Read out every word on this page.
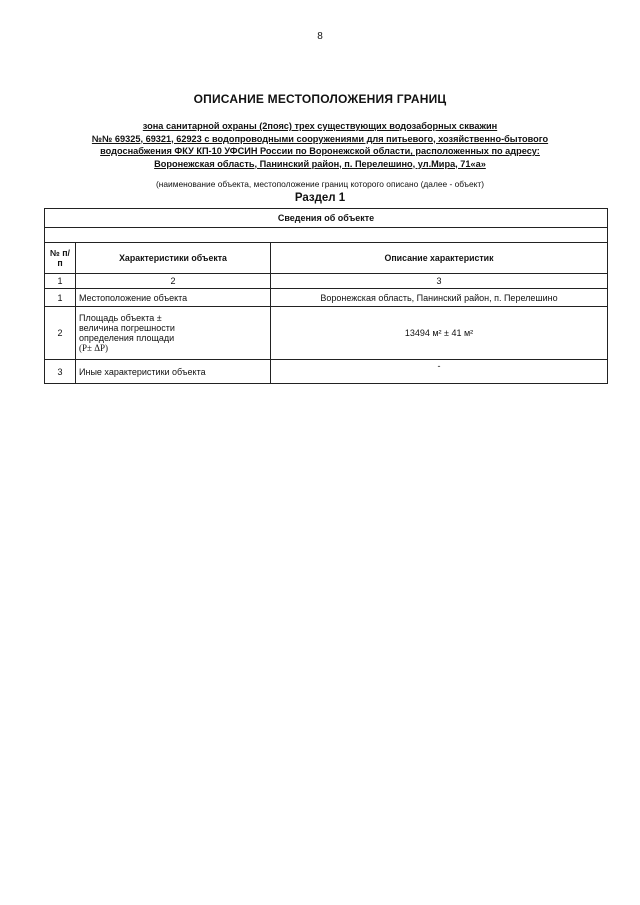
8
ОПИСАНИЕ МЕСТОПОЛОЖЕНИЯ ГРАНИЦ
зона санитарной охраны (2пояс) трех существующих водозаборных скважин
№№ 69325, 69321, 62923 с водопроводными сооружениями для питьевого, хозяйственно-бытового
водоснабжения ФКУ КП-10 УФСИН России по Воронежской области, расположенных по адресу:
Воронежская область, Панинский район, п. Перелешино, ул.Мира, 71«а»
(наименование объекта, местоположение границ которого описано (далее - объект)
Раздел 1
Сведения об объекте		

№ п/п	Характеристики объекта	Описание характеристик
1	2	3
1	Местоположение объекта	Воронежская область, Панинский район, п. Перелешино
2	Площадь объекта ±
величина погрешности
определения площади
(Р± ΔР)	13494 м² ± 41 м²
3	Иные характеристики объекта	-
